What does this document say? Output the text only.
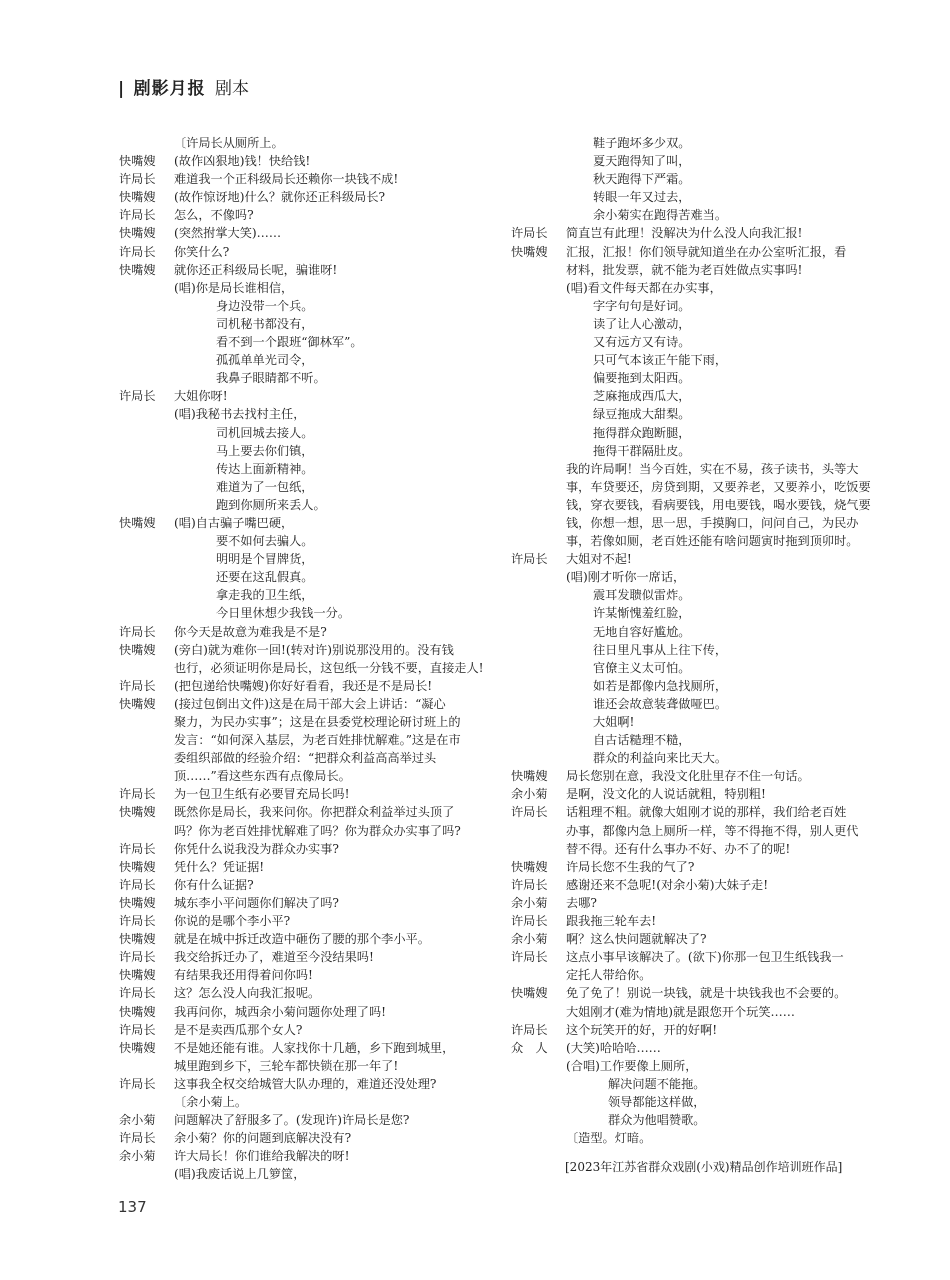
| 剧影月报 剧本
〔许局长从厕所上。
快嘴嫂 (故作凶狠地)钱！快给钱!
许局长 难道我一个正科级局长还赖你一块钱不成!
快嘴嫂 (故作惊讶地)什么？就你还正科级局长?
许局长 怎么，不像吗?
快嘴嫂 (突然拊掌大笑)……
许局长 你笑什么?
快嘴嫂 就你还正科级局长呢，骗谁呀!
(唱)你是局长谁相信，
身边没带一个兵。
司机秘书都没有，
看不到一个跟班“御林军”。
孤孤单单光司令，
我鼻子眼睛都不听。
许局长 大姐你呀!
(唱)我秘书去找村主任，
司机回城去接人。
马上要去你们镇，
传达上面新精神。
难道为了一包纸，
跑到你厕所来丢人。
快嘴嫂 (唱)自古骗子嘴巴硬，
要不如何去骗人。
明明是个冒牌货，
还要在这乱假真。
拿走我的卫生纸，
今日里休想少我钱一分。
许局长 你今天是故意为难我是不是?
快嘴嫂 (旁白)就为难你一回!(转对许)别说那没用的。没有钱
也行，必须证明你是局长，这包纸一分钱不要，直接走人!
许局长 (把包递给快嘴嫂)你好好看看，我还是不是局长!
快嘴嫂 (接过包倒出文件)这是在局干部大会上讲话：“凝心
聚力，为民办实事”；这是在县委党校理论研讨班上的
发言：“如何深入基层，为老百姓排忧解难。”这是在市
委组织部做的经验介绍：“把群众利益高高举过头
顶……”看这些东西有点像局长。
许局长 为一包卫生纸有必要冒充局长吗!
快嘴嫂 既然你是局长，我来问你。你把群众利益举过头顶了
吗？你为老百姓排忧解难了吗？你为群众办实事了吗?
许局长 你凭什么说我没为群众办实事?
快嘴嫂 凭什么？凭证据!
许局长 你有什么证据?
快嘴嫂 城东李小平问题你们解决了吗?
许局长 你说的是哪个李小平?
快嘴嫂 就是在城中拆迁改造中砸伤了腰的那个李小平。
许局长 我交给拆迁办了，难道至今没结果吗!
快嘴嫂 有结果我还用得着问你吗!
许局长 这？怎么没人向我汇报呢。
快嘴嫂 我再问你，城西余小菊问题你处理了吗!
许局长 是不是卖西瓜那个女人?
快嘴嫂 不是她还能有谁。人家找你十几趟，乡下跑到城里，
城里跑到乡下，三轮车都快锁在那一年了!
许局长 这事我全权交给城管大队办理的，难道还没处理?
〔余小菊上。
余小菊 问题解决了舒服多了。(发现许)许局长是您?
许局长 余小菊？你的问题到底解决没有?
余小菊 许大局长！你们谁给我解决的呀!
(唱)我废话说上几箩筐，
鞋子跑坏多少双。
夏天跑得知了叫，
秋天跑得下严霜。
转眼一年又过去，
余小菊实在跑得苦难当。
许局长 简直岂有此理！没解决为什么没人向我汇报!
快嘴嫂 汇报，汇报！你们领导就知道坐在办公室听汇报，看
材料，批发票，就不能为老百姓做点实事吗!
(唱)看文件每天都在办实事，
字字句句是好词。
读了让人心激动，
又有远方又有诗。
只可气本该正午能下雨，
偏要拖到太阳西。
芝麻拖成西瓜大，
绿豆拖成大甜梨。
拖得群众跑断腿，
拖得干群隔肚皮。
我的许局啊！当今百姓，实在不易，孩子读书，头等大
事，车贷要还，房贷到期，又要养老，又要养小，吃饭要
钱，穿衣要钱，看病要钱，用电要钱，喝水要钱，烧气要
钱，你想一想，思一思，手摸胸口，问问自己，为民办
事，若像如厕，老百姓还能有啥问题寅时拖到顶卯时。
许局长 大姐对不起!
(唱)刚才听你一席话，
震耳发聩似雷炸。
许某惭愧羞红脸，
无地自容好尴尬。
往日里凡事从上往下传，
官僚主义太可怕。
如若是都像内急找厕所，
谁还会故意装聋做哑巴。
大姐啊!
自古话糙理不糙，
群众的利益向来比天大。
快嘴嫂 局长您别在意，我没文化肚里存不住一句话。
余小菊 是啊，没文化的人说话就粗，特别粗!
许局长 话粗理不粗。就像大姐刚才说的那样，我们给老百姓
办事，都像内急上厕所一样，等不得拖不得，别人更代
替不得。还有什么事办不好、办不了的呢!
快嘴嫂 许局长您不生我的气了?
许局长 感谢还来不急呢!(对余小菊)大妹子走!
余小菊 去哪?
许局长 跟我拖三轮车去!
余小菊 啊？这么快问题就解决了?
许局长 这点小事早该解决了。(欲下)你那一包卫生纸钱我一
定托人带给你。
快嘴嫂 免了免了！别说一块钱，就是十块钱我也不会要的。
大姐刚才(难为情地)就是跟您开个玩笑……
许局长 这个玩笑开的好，开的好啊!
众　人 (大笑)哈哈哈……
(合唱)工作要像上厕所，
解决问题不能拖。
领导都能这样做，
群众为他唱赞歌。
〔造型。灯暗。
[2023年江苏省群众戏剧(小戏)精品创作培训班作品]
137
